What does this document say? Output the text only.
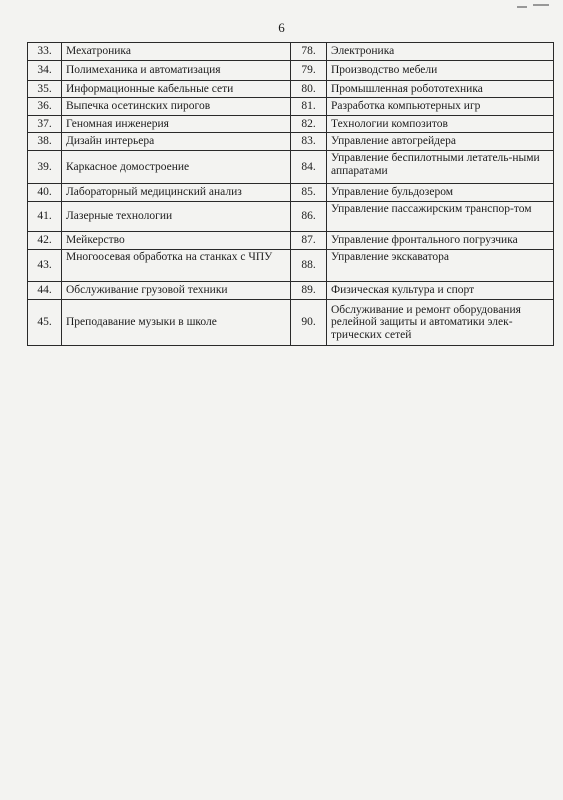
6
33.	Мехатроника	78.	Электроника
34.	Полимеханика и автоматизация	79.	Производство мебели
35.	Информационные кабельные сети	80.	Промышленная робототехника
36.	Выпечка осетинских пирогов	81.	Разработка компьютерных игр
37.	Геномная инженерия	82.	Технологии композитов
38.	Дизайн интерьера	83.	Управление автогрейдера
39.	Каркасное домостроение	84.	Управление беспилотными летатель-ными аппаратами
40.	Лабораторный медицинский анализ	85.	Управление бульдозером
41.	Лазерные технологии	86.	Управление пассажирским транспор-том
42.	Мейкерство	87.	Управление фронтального погрузчика
43.	Многоосевая обработка на станках с ЧПУ	88.	Управление экскаватора
44.	Обслуживание грузовой техники	89.	Физическая культура и спорт
45.	Преподавание музыки в школе	90.	Обслуживание и ремонт оборудования релейной защиты и автоматики элек-трических сетей
